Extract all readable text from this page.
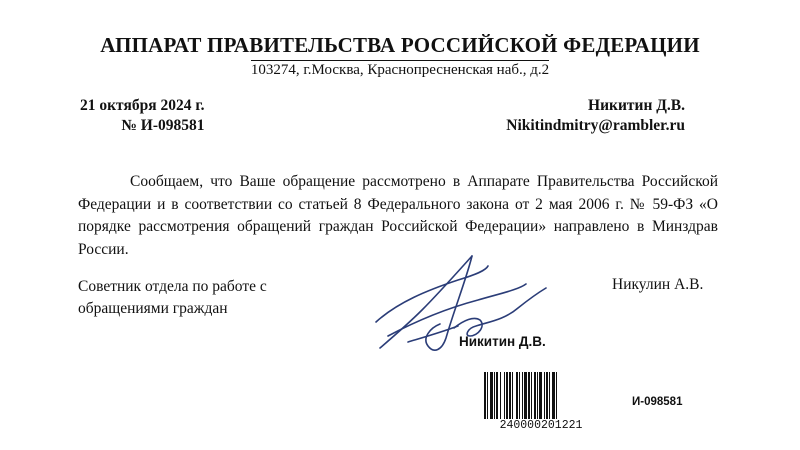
АППАРАТ ПРАВИТЕЛЬСТВА РОССИЙСКОЙ ФЕДЕРАЦИИ
103274, г.Москва, Краснопресненская наб., д.2
21 октября 2024 г.
№ И-098581
Никитин Д.В.
Nikitindmitry@rambler.ru
Сообщаем, что Ваше обращение рассмотрено в Аппарате Правительства Российской Федерации и в соответствии со статьей 8 Федерального закона от 2 мая 2006 г. № 59-ФЗ «О порядке рассмотрения обращений граждан Российской Федерации» направлено в Минздрав России.
Советник отдела по работе с
обращениями граждан
Никулин А.В.
Никитин Д.В.
240000201221
И-098581
